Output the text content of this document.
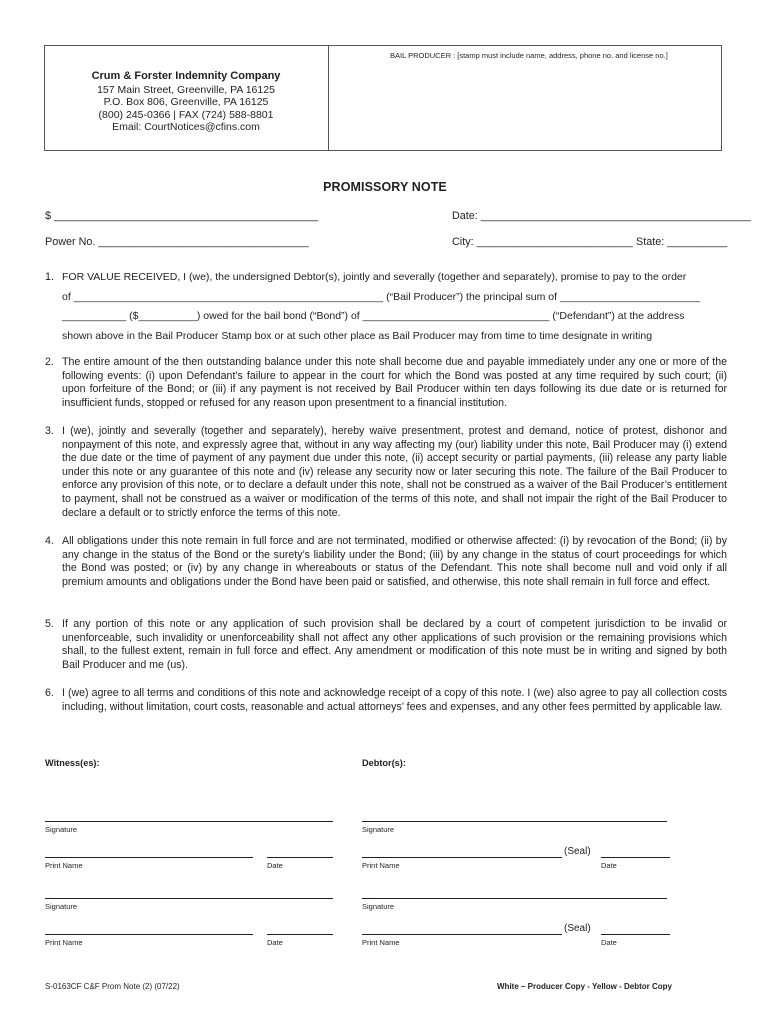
Crum & Forster Indemnity Company
157 Main Street, Greenville, PA 16125
P.O. Box 806, Greenville, PA 16125
(800) 245-0366 | FAX (724) 588-8801
Email: CourtNotices@cfins.com
BAIL PRODUCER : [stamp must include name, address, phone no. and license no.]
PROMISSORY NOTE
$ ____________________________________________	Date: _____________________________________________
Power No. ___________________________________	City: __________________________ State: __________
1. FOR VALUE RECEIVED, I (we), the undersigned Debtor(s), jointly and severally (together and separately), promise to pay to the order
of _____________________________________________________ (“Bail Producer”) the principal sum of ________________________
___________ ($__________) owed for the bail bond (“Bond”) of ________________________________ (“Defendant”) at the address
shown above in the Bail Producer Stamp box or at such other place as Bail Producer may from time to time designate in writing
2. The entire amount of the then outstanding balance under this note shall become due and payable immediately under any one or more of the following events: (i) upon Defendant’s failure to appear in the court for which the Bond was posted at any time required by such court; (ii) upon forfeiture of the Bond; or (iii) if any payment is not received by Bail Producer within ten days following its due date or is returned for insufficient funds, stopped or refused for any reason upon presentment to a financial institution.
3. I (we), jointly and severally (together and separately), hereby waive presentment, protest and demand, notice of protest, dishonor and nonpayment of this note, and expressly agree that, without in any way affecting my (our) liability under this note, Bail Producer may (i) extend the due date or the time of payment of any payment due under this note, (ii) accept security or partial payments, (iii) release any party liable under this note or any guarantee of this note and (iv) release any security now or later securing this note. The failure of the Bail Producer to enforce any provision of this note, or to declare a default under this note, shall not be construed as a waiver of the Bail Producer’s entitlement to payment, shall not be construed as a waiver or modification of the terms of this note, and shall not impair the right of the Bail Producer to declare a default or to strictly enforce the terms of this note.
4. All obligations under this note remain in full force and are not terminated, modified or otherwise affected: (i) by revocation of the Bond; (ii) by any change in the status of the Bond or the surety’s liability under the Bond; (iii) by any change in the status of court proceedings for which the Bond was posted; or (iv) by any change in whereabouts or status of the Defendant. This note shall become null and void only if all premium amounts and obligations under the Bond have been paid or satisfied, and otherwise, this note shall remain in full force and effect.
5. If any portion of this note or any application of such provision shall be declared by a court of competent jurisdiction to be invalid or unenforceable, such invalidity or unenforceability shall not affect any other applications of such provision or the remaining provisions which shall, to the fullest extent, remain in full force and effect. Any amendment or modification of this note must be in writing and signed by both Bail Producer and me (us).
6. I (we) agree to all terms and conditions of this note and acknowledge receipt of a copy of this note. I (we) also agree to pay all collection costs including, without limitation, court costs, reasonable and actual attorneys’ fees and expenses, and any other fees permitted by applicable law.
Witness(es):	Debtor(s):
Signature	Signature
(Seal)
Print Name	Date	Print Name	Date
Signature	Signature
(Seal)
Print Name	Date	Print Name	Date
S-0163CF C&F Prom Note (2) (07/22)	White – Producer Copy - Yellow - Debtor Copy
